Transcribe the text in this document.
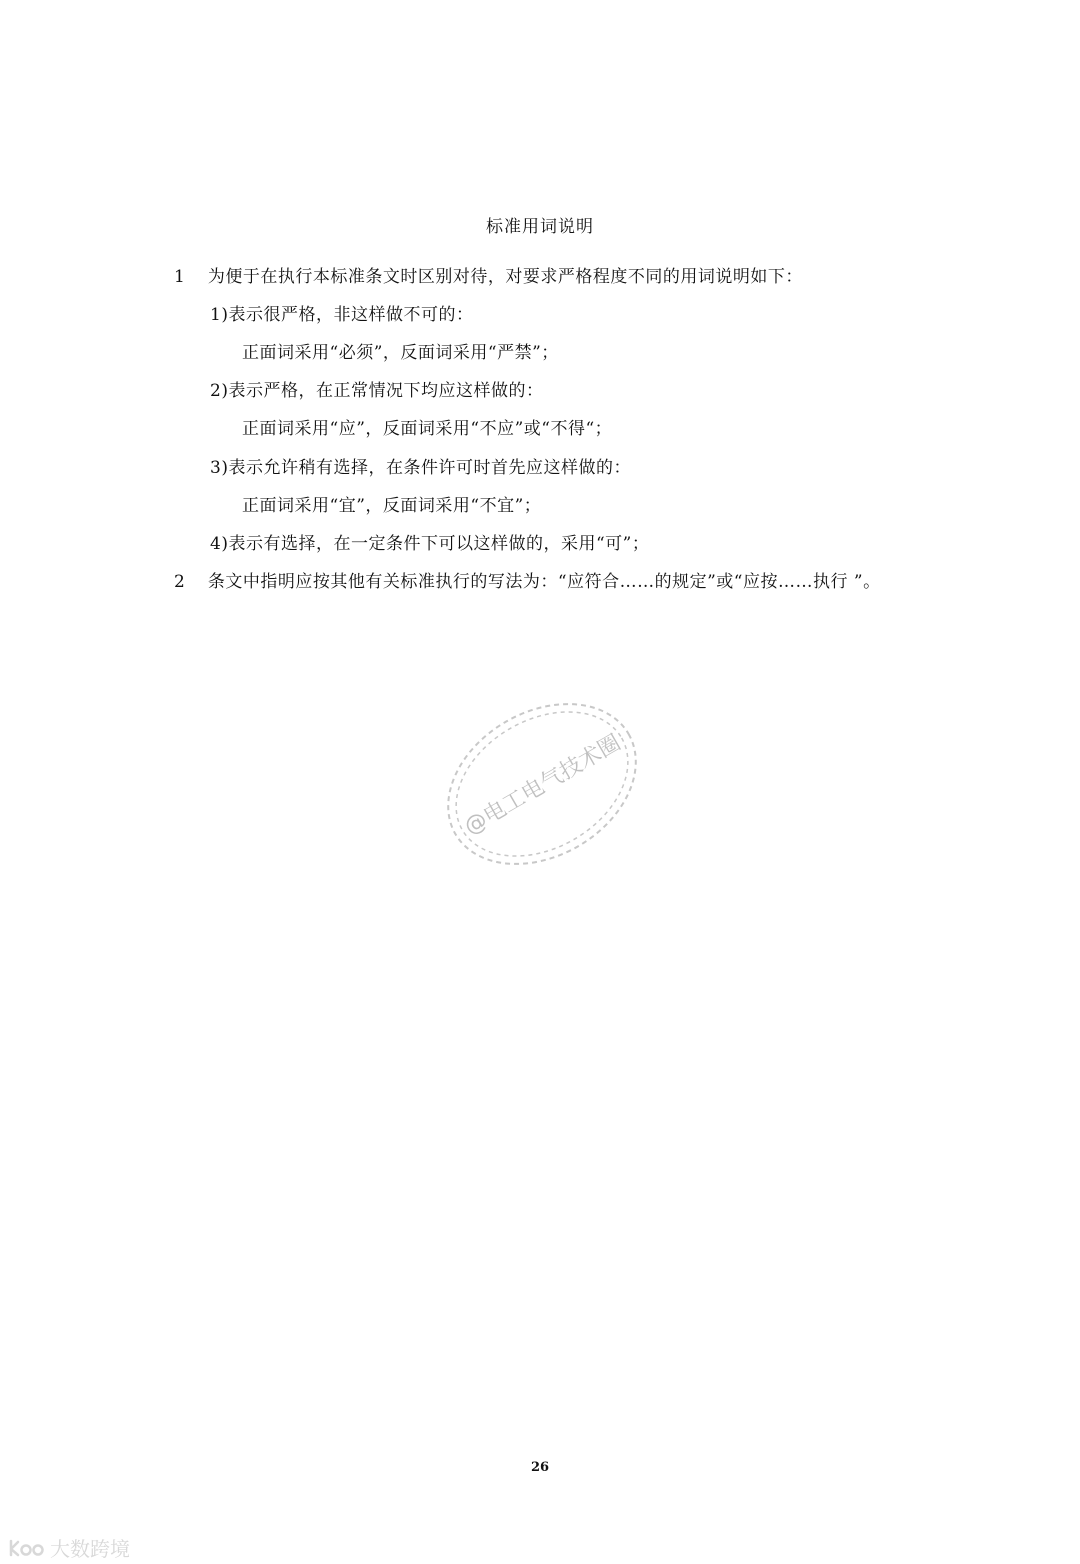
标准用词说明
1 为便于在执行本标准条文时区别对待，对要求严格程度不同的用词说明如下：
1)表示很严格，非这样做不可的：
正面词采用“必须”，反面词采用“严禁”；
2)表示严格，在正常情况下均应这样做的：
正面词采用“应”，反面词采用“不应”或“不得“；
3)表示允许稍有选择，在条件许可时首先应这样做的：
正面词采用“宜”，反面词采用“不宜”；
4)表示有选择，在一定条件下可以这样做的，采用“可”；
2 条文中指明应按其他有关标准执行的写法为：“应符合……的规定”或“应按……执行 ”。
@电工电气技术圈
26
大数跨境
